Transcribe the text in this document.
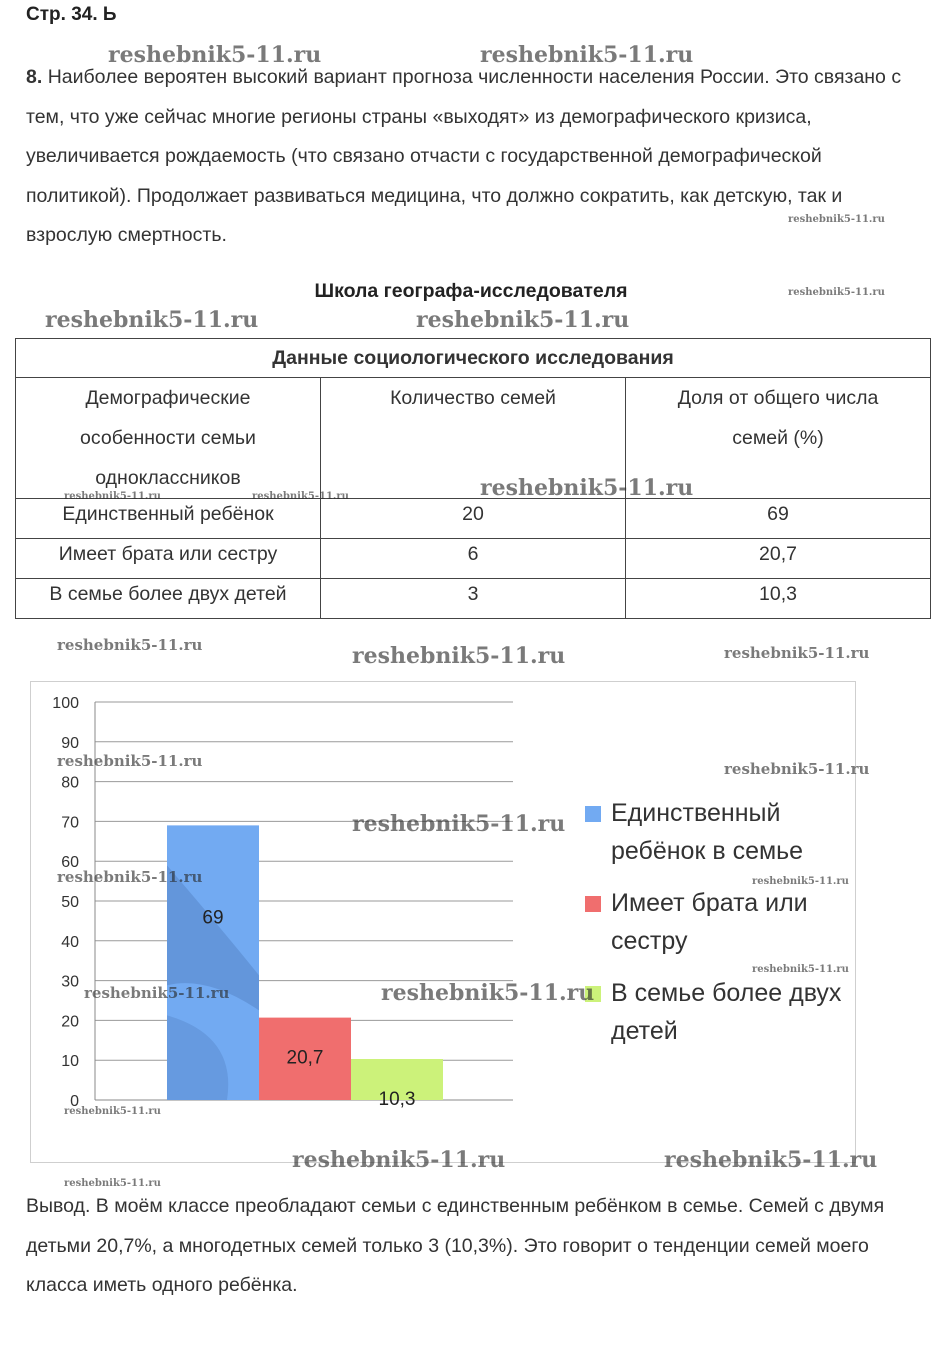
Стр. 34. Ь
8. Наиболее вероятен высокий вариант прогноза численности населения России. Это связано с тем, что уже сейчас многие регионы страны «выходят» из демографического кризиса, увеличивается рождаемость (что связано отчасти с государственной демографической политикой). Продолжает развиваться медицина, что должно сократить, как детскую, так и взрослую смертность.
Школа географа-исследователя
Данные социологического исследования		
Демографические особенности семьи одноклассников	Количество семей	Доля от общего числа семей (%)
Единственный ребёнок	20	69
Имеет брата или сестру	6	20,7
В семье более двух детей	3	10,3
0
10
20
30
40
50
60
70
80
90
100
69
20,7
10,3
Единственный ребёнок в семье
Имеет брата или сестру
В семье более двух детей
Вывод. В моём классе преобладают семьи с единственным ребёнком в семье. Семей с двумя детьми 20,7%, а многодетных семей только 3 (10,3%). Это говорит о тенденции семей моего класса иметь одного ребёнка.
reshebnik5-11.ru	reshebnik5-11.ru
reshebnik5-11.ru
reshebnik5-11.ru
reshebnik5-11.ru	reshebnik5-11.ru
reshebnik5-11.ru	reshebnik5-11.ru	reshebnik5-11.ru
reshebnik5-11.ru	reshebnik5-11.ru	reshebnik5-11.ru
reshebnik5-11.ru	reshebnik5-11.ru
reshebnik5-11.ru
reshebnik5-11.ru	reshebnik5-11.ru
reshebnik5-11.ru
reshebnik5-11.ru	reshebnik5-11.ru
reshebnik5-11.ru
reshebnik5-11.ru	reshebnik5-11.ru
reshebnik5-11.ru
